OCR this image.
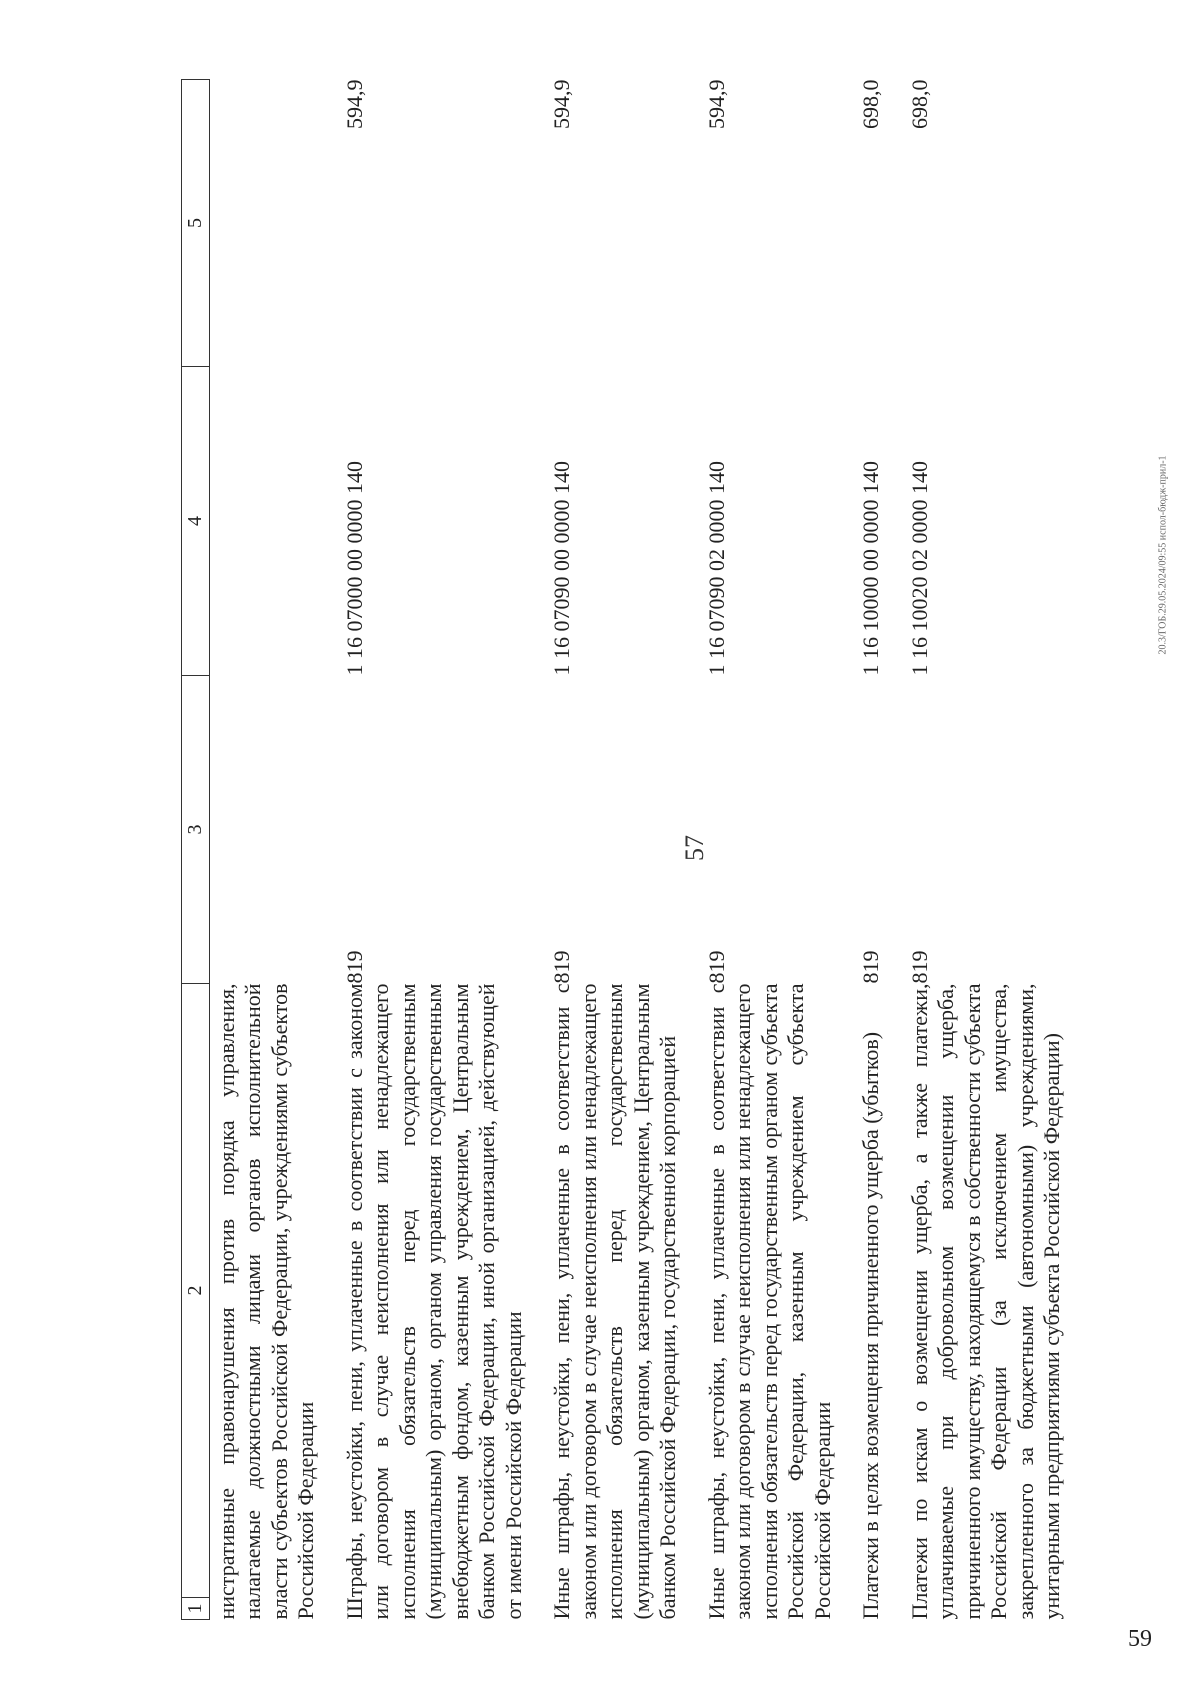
57
1	2	3	4	5
нистративные правонарушения против порядка управления, налагаемые должностными лицами органов исполнительной власти субъектов Российской Федерации, учреждениями субъектов Российской Федерации				
Штрафы, неустойки, пени, уплаченные в соответствии с законом или договором в случае неисполнения или ненадлежащего исполнения обязательств перед государственным (муниципальным) органом, органом управления государственным внебюджетным фондом, казенным учреждением, Центральным банком Российской Федерации, иной организацией, действующей от имени Российской Федерации		819	1 16 07000 00 0000 140	594,9
Иные штрафы, неустойки, пени, уплаченные в соответствии с законом или договором в случае неисполнения или ненадлежащего исполнения обязательств перед государственным (муниципальным) органом, казенным учреждением, Центральным банком Российской Федерации, государственной корпорацией		819	1 16 07090 00 0000 140	594,9
Иные штрафы, неустойки, пени, уплаченные в соответствии с законом или договором в случае неисполнения или ненадлежащего исполнения обязательств перед государственным органом субъекта Российской Федерации, казенным учреждением субъекта Российской Федерации		819	1 16 07090 02 0000 140	594,9
Платежи в целях возмещения причиненного ущерба (убытков)		819	1 16 10000 00 0000 140	698,0
Платежи по искам о возмещении ущерба, а также платежи, уплачиваемые при добровольном возмещении ущерба, причиненного имуществу, находящемуся в собственности субъекта Российской Федерации (за исключением имущества, закрепленного за бюджетными (автономными) учреждениями, унитарными предприятиями субъекта Российской Федерации)		819	1 16 10020 02 0000 140	698,0
20.3/ГОБ.29.05.2024/09:55 испол-бюдж-прил-1
59
